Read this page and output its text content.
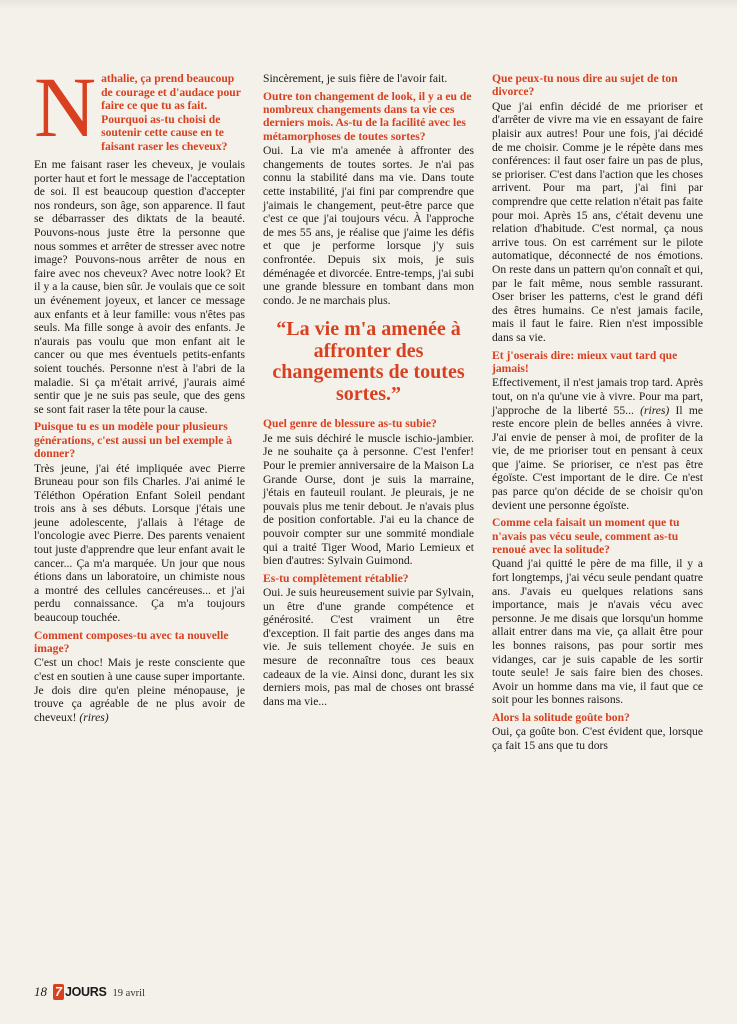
N athalie, ça prend beaucoup de courage et d'audace pour faire ce que tu as fait. Pourquoi as-tu choisi de soutenir cette cause en te faisant raser les cheveux?

En me faisant raser les cheveux, je voulais porter haut et fort le message de l'acceptation de soi. Il est beaucoup question d'accepter nos rondeurs, son âge, son apparence. Il faut se débarrasser des diktats de la beauté. Pouvons-nous juste être la personne que nous sommes et arrêter de stresser avec notre image? Pouvons-nous arrêter de nous en faire avec nos cheveux? Avec notre look? Et il y a la cause, bien sûr. Je voulais que ce soit un événement joyeux, et lancer ce message aux enfants et à leur famille: vous n'êtes pas seuls. Ma fille songe à avoir des enfants. Je n'aurais pas voulu que mon enfant ait le cancer ou que mes éventuels petits-enfants soient touchés. Personne n'est à l'abri de la maladie. Si ça m'était arrivé, j'aurais aimé sentir que je ne suis pas seule, que des gens se sont fait raser la tête pour la cause.

Puisque tu es un modèle pour plusieurs générations, c'est aussi un bel exemple à donner?

Très jeune, j'ai été impliquée avec Pierre Bruneau pour son fils Charles. J'ai animé le Téléthon Opération Enfant Soleil pendant trois ans à ses débuts. Lorsque j'étais une jeune adolescente, j'allais à l'étage de l'oncologie avec Pierre. Des parents venaient tout juste d'apprendre que leur enfant avait le cancer... Ça m'a marquée. Un jour que nous étions dans un laboratoire, un chimiste nous a montré des cellules cancéreuses... et j'ai perdu connaissance. Ça m'a toujours beaucoup touchée.

Comment composes-tu avec ta nouvelle image?

C'est un choc! Mais je reste consciente que c'est en soutien à une cause super importante. Je dois dire qu'en pleine ménopause, je trouve ça agréable de ne plus avoir de cheveux! (rires)

Sincèrement, je suis fière de l'avoir fait.

Outre ton changement de look, il y a eu de nombreux changements dans ta vie ces derniers mois. As-tu de la facilité avec les métamorphoses de toutes sortes?

Oui. La vie m'a amenée à affronter des changements de toutes sortes. Je n'ai pas connu la stabilité dans ma vie. Dans toute cette instabilité, j'ai fini par comprendre que j'aimais le changement, peut-être parce que c'est ce que j'ai toujours vécu. À l'approche de mes 55 ans, je réalise que j'aime les défis et que je performe lorsque j'y suis confrontée. Depuis six mois, je suis déménagée et divorcée. Entre-temps, j'ai subi une grande blessure en tombant dans mon condo. Je ne marchais plus.

“La vie m'a amenée à affronter des changements de toutes sortes.”

Quel genre de blessure as-tu subie?

Je me suis déchiré le muscle ischio-jambier. Je ne souhaite ça à personne. C'est l'enfer! Pour le premier anniversaire de la Maison La Grande Ourse, dont je suis la marraine, j'étais en fauteuil roulant. Je pleurais, je ne pouvais plus me tenir debout. Je n'avais plus de position confortable. J'ai eu la chance de pouvoir compter sur une sommité mondiale qui a traité Tiger Wood, Mario Lemieux et bien d'autres: Sylvain Guimond.

Es-tu complètement rétablie?

Oui. Je suis heureusement suivie par Sylvain, un être d'une grande compétence et générosité. C'est vraiment un être d'exception. Il fait partie des anges dans ma vie. Je suis tellement choyée. Je suis en mesure de reconnaître tous ces beaux cadeaux de la vie. Ainsi donc, durant les six derniers mois, pas mal de choses ont brassé dans ma vie...

Que peux-tu nous dire au sujet de ton divorce?

Que j'ai enfin décidé de me prioriser et d'arrêter de vivre ma vie en essayant de faire plaisir aux autres! Pour une fois, j'ai décidé de me choisir. Comme je le répète dans mes conférences: il faut oser faire un pas de plus, se prioriser. C'est dans l'action que les choses arrivent. Pour ma part, j'ai fini par comprendre que cette relation n'était pas faite pour moi. Après 15 ans, c'était devenu une relation d'habitude. C'est normal, ça nous arrive tous. On est carrément sur le pilote automatique, déconnecté de nos émotions. On reste dans un pattern qu'on connaît et qui, par le fait même, nous semble rassurant. Oser briser les patterns, c'est le grand défi des êtres humains. Ce n'est jamais facile, mais il faut le faire. Rien n'est impossible dans sa vie.

Et j'oserais dire: mieux vaut tard que jamais!

Effectivement, il n'est jamais trop tard. Après tout, on n'a qu'une vie à vivre. Pour ma part, j'approche de la liberté 55... (rires) Il me reste encore plein de belles années à vivre. J'ai envie de penser à moi, de profiter de la vie, de me prioriser tout en pensant à ceux que j'aime. Se prioriser, ce n'est pas être égoïste. C'est important de le dire. Ce n'est pas parce qu'on décide de se choisir qu'on devient une personne égoïste.

Comme cela faisait un moment que tu n'avais pas vécu seule, comment as-tu renoué avec la solitude?

Quand j'ai quitté le père de ma fille, il y a fort longtemps, j'ai vécu seule pendant quatre ans. J'avais eu quelques relations sans importance, mais je n'avais vécu avec personne. Je me disais que lorsqu'un homme allait entrer dans ma vie, ça allait être pour les bonnes raisons, pas pour sortir mes vidanges, car je suis capable de les sortir toute seule! Je sais faire bien des choses. Avoir un homme dans ma vie, il faut que ce soit pour les bonnes raisons.

Alors la solitude goûte bon?

Oui, ça goûte bon. C'est évident que, lorsque ça fait 15 ans que tu dors

18 7 JOURS 19 avril
